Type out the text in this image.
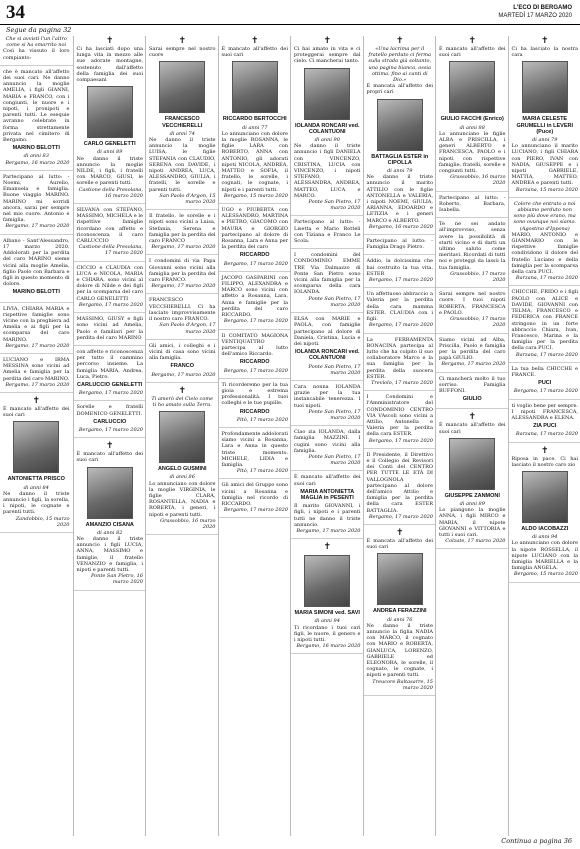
34	L'ECO DI BERGAMO
MARTEDÌ 17 MARZO 2020
Segue da pagina 32
Che si avvisti l'un l'altro come si ha smarrito noi
Così ha vissuto il loro compianto:
che è mancato all'affetto dei suoi cari. Ne danno annuncio la moglie AMELIA, i figli GIANNI, MARIA e FRANCO, con i congiunti, le nuore e i nipoti, i pronipoti e parenti tutti. Le esequie avranno celebrate in forma strettamente privata nel cimitero di Bergamo.
MARINO BELOTTI
di anni 83
Bergamo, 16 marzo 2020
Partecipano al lutto: - Noemi, Aurelio, Emanuela e famiglia. Buone viaggio MARINO. MARINO mi sorridi ancora, sarai per sempre nel mio cuore. Antonio e famiglia.
Bergamo, 17 marzo 2020
Albano - Sant'Alessandro, 17 marzo 2020. Addolorati per la perdita del caro MARINO sieme vicini alla moglie Amelia, figlio Paolo con Barbara e figli in questo momento di dolore.
MARINO BELOTTI
LIVIA, CHIARA MARIA e rispettive famiglie sono vicine con la preghiera ad Amelia e ai figli per la scomparsa del caro MARINO.
Bergamo, 17 marzo 2020
LUCIANO e IRMA MESSINA sono vicini ad Amelia e famiglia per la perdita del caro MARINO.
Bergamo, 17 marzo 2020
✝
È mancato all'affetto dei suoi cari
ANTONIETTA PRISCO
di anni 84
Ne danno il triste annuncio i figli, la sorella, i nipoti, le cognate e parenti tutti.
Zandobbio, 15 marzo 2020
✝
Ci ha lasciati dopo una lunga vita in mezzo alle sue adorate montagne, sostenuto dall'affetto della famiglia dei suoi compaesani
CARLO GENELETTI
di anni 89
Ne danno il triste annuncio la moglie NILDE, i figli, i fratelli con MARCO, GIUSI, le sorelle e parenti tutti.
Castione della Presolana, 16 marzo 2020
SILVANA con STEFANO, MASSIMO, MICHELA e le rispettive famiglie ricordano con affetto e riconoscenza il caro CARLUCCIO
Castione della Presolana, 17 marzo 2020
CICCIO e CLAUDIA con LUCA e NICOLA, MARIA e CHIARA, sono vicini al dolore di Nilde e dei figli per la scomparsa del caro CARLO GENELETTI
Bergamo, 17 marzo 2020
MASSIMO, GIUSY e figli sono vicini ad Amelia, Paolo e familiari per la perdita del caro MARINO
con affetto e riconoscenza per tutto il cammino percorso insieme. La famiglia MARIA, Andrea, Luca, Pietro.
CARLUCCIO GENELETTI
Bergamo, 17 marzo 2020
Sorelle e fratelli DOMENICO GENELETTI.
CARLUCCIO
Bergamo, 17 marzo 2020
✝
È mancato all'affetto dei suoi cari
AMANZIO CISANA
di anni 82
Ne danno il triste annuncio i figli LUCIA, ANNA, MASSIMO e famiglie, il fratello VENANZIO e famiglia, i nipoti e parenti tutti.
Ponte San Pietro, 16 marzo 2020
✝
Sarai sempre nel nostro cuore
FRANCESCO VECCHIERELLI
di anni 74
Ne danno il triste annuncio la moglie LUISA, le figlie STEFANIA con CLAUDIO, SERENA con DAVIDE, i nipoti ANDREA, LUCA, ALESSANDRO, GIULIA, i fratelli, le sorelle e parenti tutti.
San Paolo d'Argon, 15 marzo 2020
Il fratello, le sorelle e i nipoti sono vicini a Luisa, Stefania, Serena e famiglia per la perdita del caro FRANCO
Bergamo, 17 marzo 2020
I condomini di via Papa Giovanni sono vicini alla famiglia per la perdita del caro FRANCO.
Bergamo, 17 marzo 2020
FRANCESCO VECCHIERELLI. Ci ha lasciato improvvisamente il nostro caro FRANCO.
San Paolo d'Argon, 17 marzo 2020
Gli amici, i colleghi e i vicini di casa sono vicini alla famiglia.
FRANCO
Bergamo, 17 marzo 2020
✝
Ti amerò del Cielo come ti ho amato sulla Terra.
ANGELO GUSMINI
di anni 86
Lo annunciano con dolore la moglie VIRGINIA, le figlie CLARA, ROSANTELLA, NADIA e ROBERTA, i generi, i nipoti e parenti tutti.
Grassobbio, 16 marzo 2020
✝
È mancato all'affetto dei suoi cari
RICCARDO BERTOCCHI
di anni 77
Lo annunciano con dolore la moglie ROSANNA, le figlie LARA con ROBERTO, ANNA con ANTONIO, gli adorati nipoti NICOLA, ANDREA, MATTEO e SOFIA, il fratello, le sorelle, i cognati, le cognate, i nipoti e i parenti tutti.
Bergamo, 15 marzo 2020
UGO e PIUBERTA con ALESSANDRO, MARTINA e PIETRO, GIACOMO con MAURA e GIORGIO partecipano al dolore di Rosanna, Lara e Anna per la perdita del caro
RICCARDO
Bergamo, 17 marzo 2020
JACOPO GASPARINI con FILIPPO, ALEXANDRA e MARCO sono vicini con affetto a Rosanna, Lara, Anna e famiglie per la perdita del caro RICCARDO.
Bergamo, 17 marzo 2020
Il COMITATO MAGIONA VENTIQUATTRO partecipa al lutto dell'amico Riccardo.
RICCARDO
Bergamo, 17 marzo 2020
Ti ricorderemo per la tua gioia e estrema professionalità. I tuoi colleghi e le tue pupille.
RICCARDO
Pitò, 17 marzo 2020
Profondamente addolorati siamo vicini a Rosanna, Lara e Anna in questo triste momento. MICHELE, LIDIA e famiglia.
Pitò, 17 marzo 2020
Gli amici del Gruppo sono vicini a Rosanna e famiglia nel ricordo di RICCARDO.
Bergamo, 17 marzo 2020
✝
Ci hai amato in vita e ci proteggerai sempre dal cielo. Ci mancherai tanto.
IOLANDA RONCARI ved. COLANTUONI
di anni 90
Ne danno il triste annuncio i figli DANIELA con VINCENZO, CRISTINA, LUCIA con VINCENZO, i nipoti STEFANO, ALESSANDRA, ANDREA, MATTEO, LUCA e MARCO.
Ponte San Pietro, 17 marzo 2020
Partecipano al lutto: - Lisetta e Mario Rotteli con Tiziana e Franco Le Scola.
I condomini del CONDOMINIO EMME TRE Via Dalmazzo di Ponte San Pietro sono vicini alla famiglia per la scomparsa della cara IOLANDA.
Ponte San Pietro, 17 marzo 2020
ELSA con MARIE e PAOLA, con famiglie partecipano al dolore di Daniela, Cristina, Lucia e dei nipoti.
IOLANDA RONCARI ved. COLANTUONI
Ponte San Pietro, 17 marzo 2020
Cara nonna IOLANDA grazie per la tua instancabile tenerezza. I tuoi nipoti.
Ponte San Pietro, 17 marzo 2020
Ciao zia IOLANDA, dalla famiglia MAZZINI. I cugini sono vicini alla famiglia.
Ponte San Pietro, 17 marzo 2020
È mancato all'affetto dei suoi cari
MARIA ANTONIETTA MAGLIA in PESENTI
Il marito GIOVANNI, i figli, i nipoti e i parenti tutti ne danno il triste annuncio.
Bergamo, 17 marzo 2020
✝
MARIA SIMONI ved. SAVI
di anni 94
Ti ricordano i tuoi cari figli, le nuore, il genero e i nipoti tutti.
Bergamo, 16 marzo 2020
✝
«Una lacrima per il fratello perduto ci ferma sulla strada già soltanto, una pagina bianca, ossia ottima, fino ai canti di Dio.»
È mancata all'affetto dei propri cari
BATTAGLIA ESTER in CIPOLLA
di anni 79
Ne danno il triste annuncio il marito ATTILIO con le figlie ANTONELLA e VALERIA, i nipoti NOEMI, GIULIA, ARIANNA, EDOARDO e LETIZIA e i generi MARCO e ALBERTO.
Bergamo, 16 marzo 2020
Partecipano al lutto: - Famiglia Drago Pietro.
Addio, la dolcissima che hai costruito la tua vita. ESTER
Bergamo, 17 marzo 2020
Un affettuoso abbraccio a Valeria per la perdita della cara mamma ESTER. CLAUDIA con i figli.
Bergamo, 17 marzo 2020
La FERRAMENTA BONACINA partecipa al lutto che ha colpito il suo collaboratore Marco e la sua famiglia per la perdita della suocera ESTER.
Treviolo, 17 marzo 2020
I Condomini e l'Amministratore del CONDOMINIO CENTRO VIA VAscoli sono vicini a Attilio, Antonella e Valeria per la perdita della cara ESTER.
Bergamo, 17 marzo 2020
Il Presidente, il Direttivo e il Collegio dei Revisori dei Conti del CENTRO PER TUTTE LE ETÀ DI VALLOGNOLA partecipano al dolore dell'amico Attilio e famiglia per la perdita della cara ESTER BATTAGLIA.
Bergamo, 17 marzo 2020
✝
È mancata all'affetto dei suoi cari
ANDREA FERAZZINI
di anni 76
Ne danno il triste annuncio la figlia NADIA con MARCO, il cognato con MARIO e ROBERTA, GIANLUCA, LORENZO, GABRIELE ed ELEONORA, le sorelle, il cognato, le cognate, i nipoti e parenti tutti.
Treucore Baltasarre, 15 marzo 2020
✝
È mancato all'affetto dei suoi cari
GIULIO FACCHI (Enrico)
di anni 88
Lo annunciano le figlie ALBA e PRISCILLA, i generi ALBERTO e FRANCESCA, PAOLO e i nipoti con rispettive famiglie, fratelli, sorelle e congiunti tutti.
Grassobbio, 16 marzo 2020
Partecipano al lutto: - Roberto, Barbara, Isabella.
Te ne sei andato all'improvviso, senza avere la possibilità di starti vicino e di darti un ultimo saluto come meritavi. Ricordati di tutti noi e proteggi da lassù la tua famiglia.
Grassobbio, 17 marzo 2020
Sarai sempre nel nostro cuore. I tuoi nipoti ROBERTA, FRANCESCA e PAOLO.
Grassobbio, 17 marzo 2020
Siamo vicini ad Alba, Priscilla, Paolo e famiglia per la perdita del caro papà GIULIO.
Bergamo, 17 marzo 2020
Ci mancherà molto il tuo sorriso. Famiglia BUFFONI.
GIULIO
✝
È mancato all'affetto dei suoi cari
GIUSEPPE ZANMONI
di anni 89
Lo piangono la moglie ANNA, i figli MIRCO e MARIA, il nipote GIOVANNI e VITTORIA e tutti i suoi cari.
Colzate, 17 marzo 2020
✝
Ci ha lasciato la nostra cara
MARIA CELESTE GRUMELLI in LEVERI (Puce)
di anni 79
Lo annunciano il marito LUCIANO, i figli CHIARA con PIERO, IVAN con NADIA, GIUSEPPE e i nipoti GABRIELE, MATTIA, MATTEO, ANDREA e parenti tutti.
Barzana, 15 marzo 2020
Colore che entrato a noi abbiamo perduto non sono più dove erano, ma sono ovunque noi siamo. (Agostino d'Ippona)
MARIO, ANTONIO e GIANMARIO con le rispettive famiglie condividono il dolore del fratello Luciano e della famiglia per la scomparsa della cara PUCI.
Barzana, 17 marzo 2020
CHICCHE, FRIDO e i figli PAOLO con ALICE e DAVIDE, GIOVANNI con TELMA, FRANCESCO e FEDERICA con FRANCE stringono in un forte abbraccio Chiara, Ivan, Francesco, Marina e la famiglia per la perdita della cara PUCI.
Barzana, 17 marzo 2020
La tua bella CHICCHE e FRANCE.
PUCI
Bergamo, 17 marzo 2020
ti voglio bene per sempre. I nipoti FRANCESCA, ALESSANDRA e ELENA.
ZIA PUCI
Barzana, 17 marzo 2020
✝
Riposa in pace. Ci hai lasciato il nostro caro zio
ALDO IACOBAZZI
di anni 94
Lo annunciano con dolore la nipote ROSSELLA, il nipote LUCIANO con la famiglia MARIELLA e la famiglia ANGELA.
Bergamo, 15 marzo 2020
Continua a pagina 36
